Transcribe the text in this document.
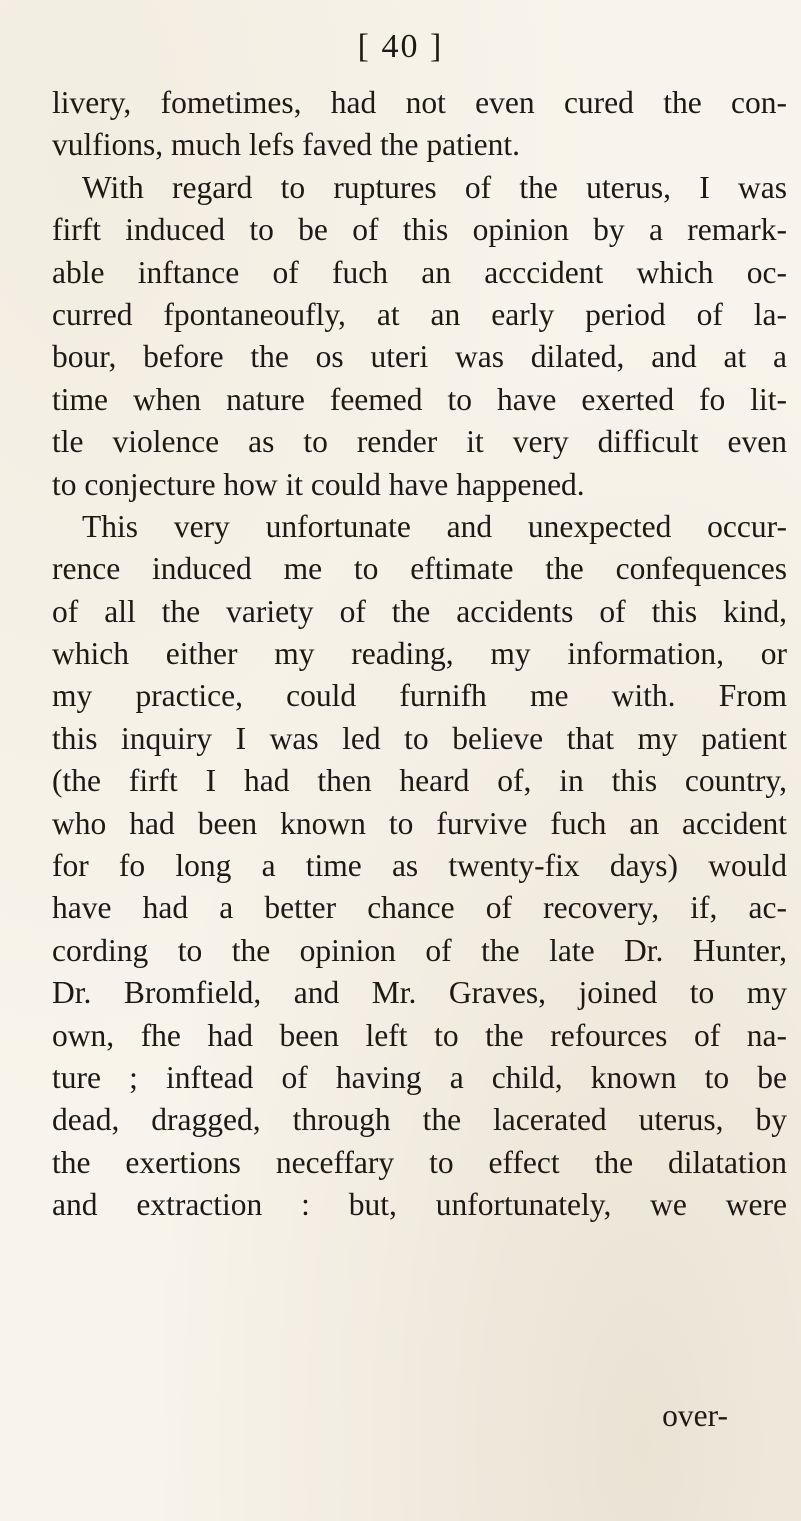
[ 40 ]
livery, fometimes, had not even cured the con-
vulfions, much lefs faved the patient.
With regard to ruptures of the uterus, I was
firft induced to be of this opinion by a remark-
able inftance of fuch an acccident which oc-
curred fpontaneoufly, at an early period of la-
bour, before the os uteri was dilated, and at a
time when nature feemed to have exerted fo lit-
tle violence as to render it very difficult even
to conjecture how it could have happened.
This very unfortunate and unexpected occur-
rence induced me to eftimate the confequences
of all the variety of the accidents of this kind,
which either my reading, my information, or
my practice, could furnifh me with. From
this inquiry I was led to believe that my patient
(the firft I had then heard of, in this country,
who had been known to furvive fuch an accident
for fo long a time as twenty-fix days) would
have had a better chance of recovery, if, ac-
cording to the opinion of the late Dr. Hunter,
Dr. Bromfield, and Mr. Graves, joined to my
own, fhe had been left to the refources of na-
ture ; inftead of having a child, known to be
dead, dragged, through the lacerated uterus, by
the exertions neceffary to effect the dilatation
and extraction : but, unfortunately, we were
over-
